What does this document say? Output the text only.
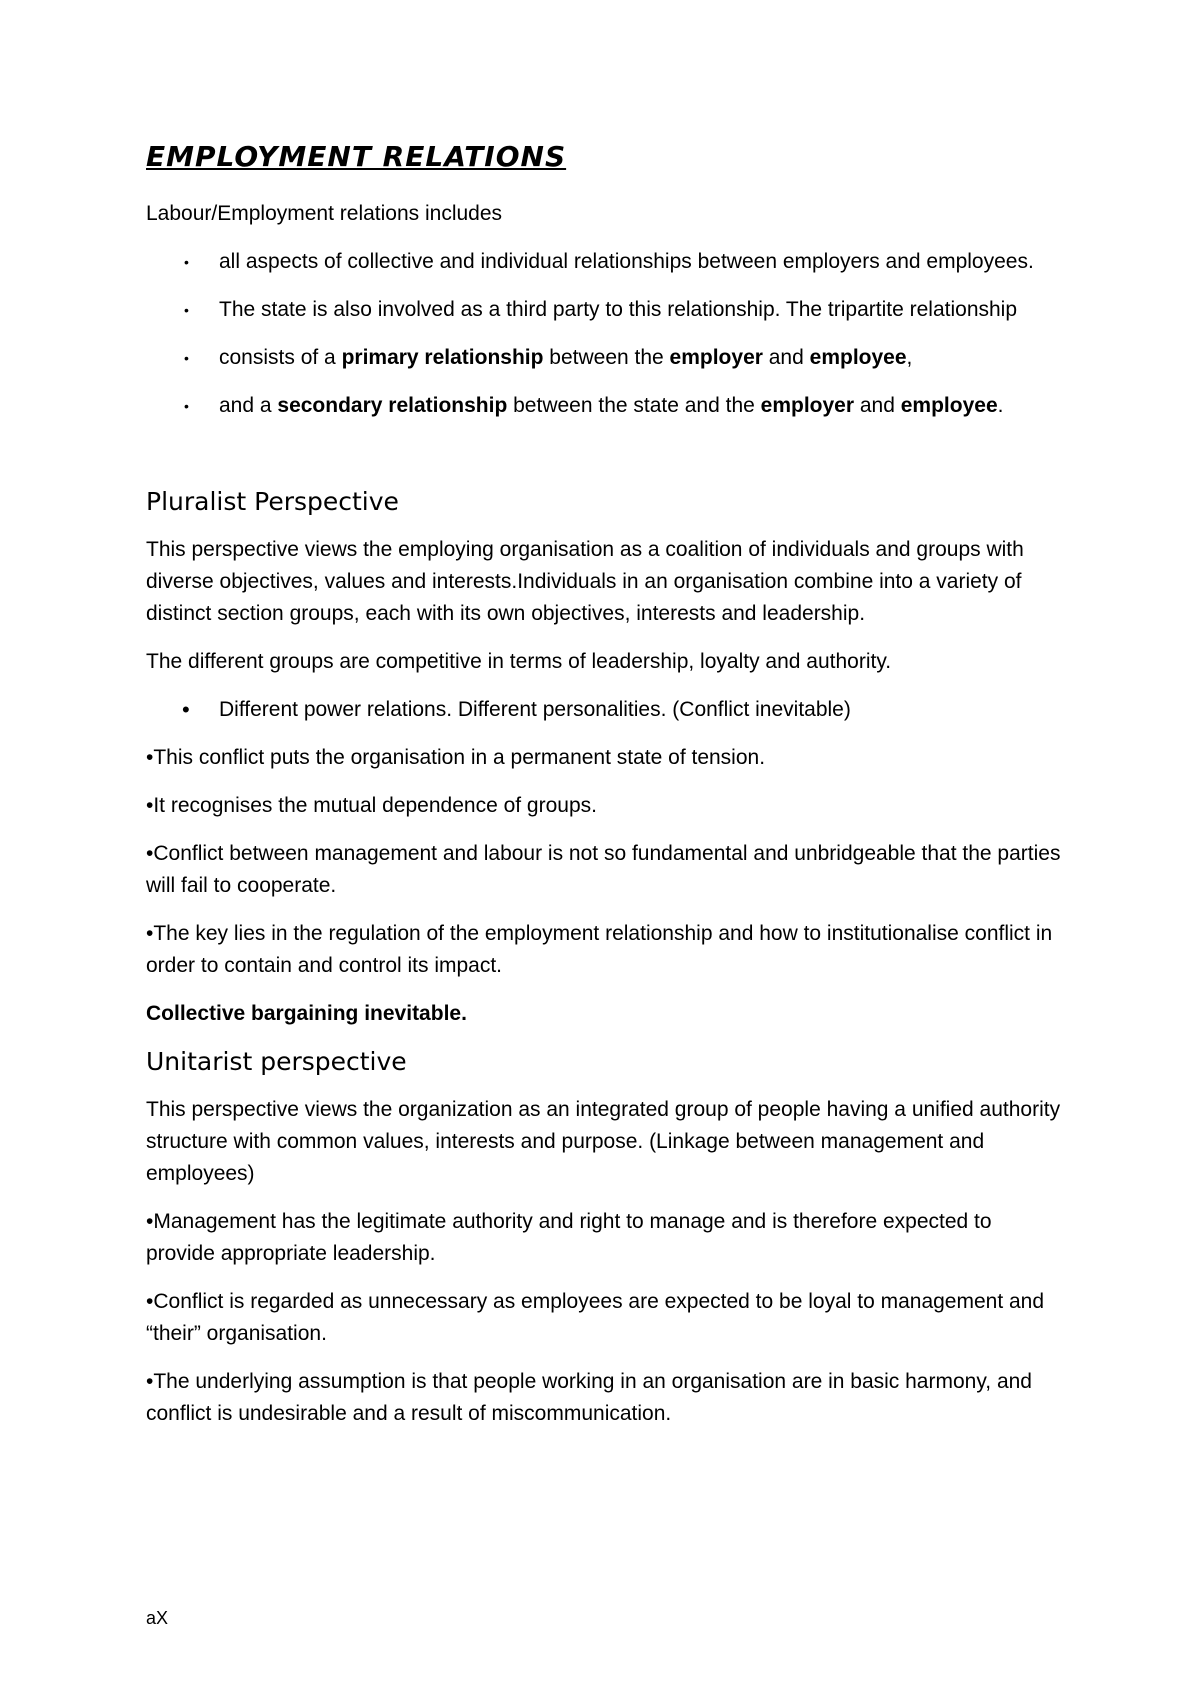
EMPLOYMENT RELATIONS

Labour/Employment relations includes

• all aspects of collective and individual relationships between employers and employees.
• The state is also involved as a third party to this relationship. The tripartite relationship
• consists of a primary relationship between the employer and employee,
• and a secondary relationship between the state and the employer and employee.
Pluralist Perspective

This perspective views the employing organisation as a coalition of individuals and groups with diverse objectives, values and interests.Individuals in an organisation combine into a variety of distinct section groups, each with its own objectives, interests and leadership.

The different groups are competitive in terms of leadership, loyalty and authority.

• Different power relations. Different personalities. (Conflict inevitable)

•This conflict puts the organisation in a permanent state of tension.

•It recognises the mutual dependence of groups.

•Conflict between management and labour is not so fundamental and unbridgeable that the parties will fail to cooperate.

•The key lies in the regulation of the employment relationship and how to institutionalise conflict in order to contain and control its impact.

Collective bargaining inevitable.

Unitarist perspective

This perspective views the organization as an integrated group of people having a unified authority structure with common values, interests and purpose. (Linkage between management and employees)

•Management has the legitimate authority and right to manage and is therefore expected to provide appropriate leadership.

•Conflict is regarded as unnecessary as employees are expected to be loyal to management and “their” organisation.

•The underlying assumption is that people working in an organisation are in basic harmony, and conflict is undesirable and a result of miscommunication.

aX
